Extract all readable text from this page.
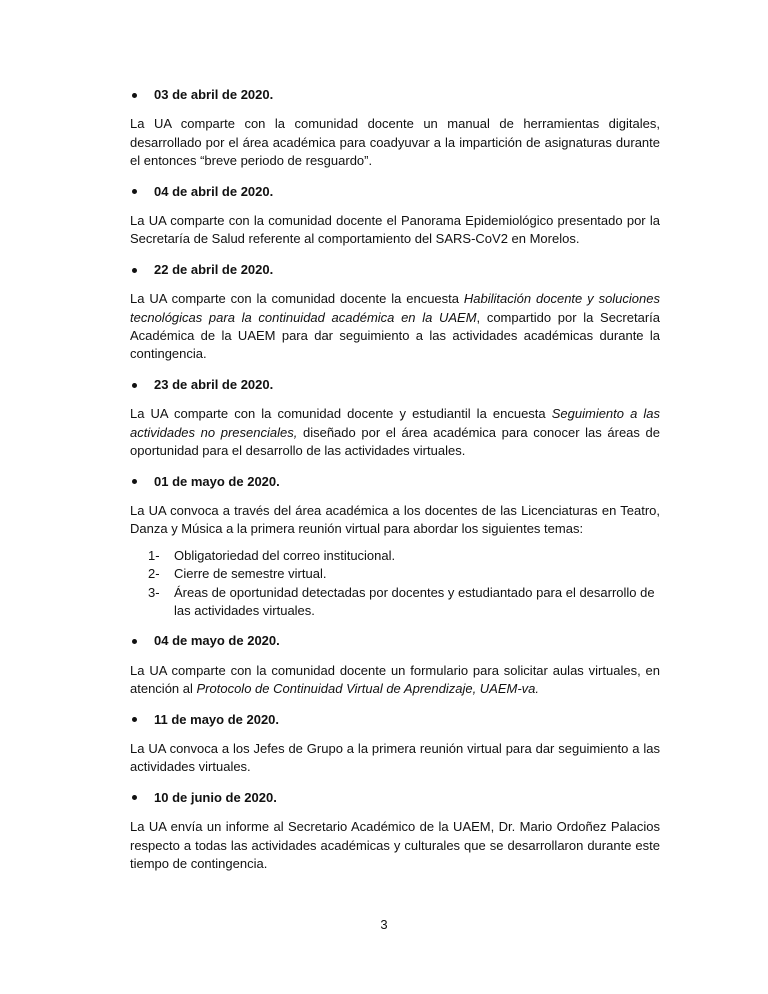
03 de abril de 2020.

La UA comparte con la comunidad docente un manual de herramientas digitales, desarrollado por el área académica para coadyuvar a la impartición de asignaturas durante el entonces “breve periodo de resguardo”.

04 de abril de 2020.

La UA comparte con la comunidad docente el Panorama Epidemiológico presentado por la Secretaría de Salud referente al comportamiento del SARS-CoV2 en Morelos.

22 de abril de 2020.

La UA comparte con la comunidad docente la encuesta Habilitación docente y soluciones tecnológicas para la continuidad académica en la UAEM, compartido por la Secretaría Académica de la UAEM para dar seguimiento a las actividades académicas durante la contingencia.

23 de abril de 2020.

La UA comparte con la comunidad docente y estudiantil la encuesta Seguimiento a las actividades no presenciales, diseñado por el área académica para conocer las áreas de oportunidad para el desarrollo de las actividades virtuales.

01 de mayo de 2020.

La UA convoca a través del área académica a los docentes de las Licenciaturas en Teatro, Danza y Música a la primera reunión virtual para abordar los siguientes temas:

1-	Obligatoriedad del correo institucional.
2-	Cierre de semestre virtual.
3-	Áreas de oportunidad detectadas por docentes y estudiantado para el desarrollo de las actividades virtuales.
04 de mayo de 2020.

La UA comparte con la comunidad docente un formulario para solicitar aulas virtuales, en atención al Protocolo de Continuidad Virtual de Aprendizaje, UAEM-va.

11 de mayo de 2020.

La UA convoca a los Jefes de Grupo a la primera reunión virtual para dar seguimiento a las actividades virtuales.

10 de junio de 2020.

La UA envía un informe al Secretario Académico de la UAEM, Dr. Mario Ordoñez Palacios respecto a todas las actividades académicas y culturales que se desarrollaron durante este tiempo de contingencia.

3
